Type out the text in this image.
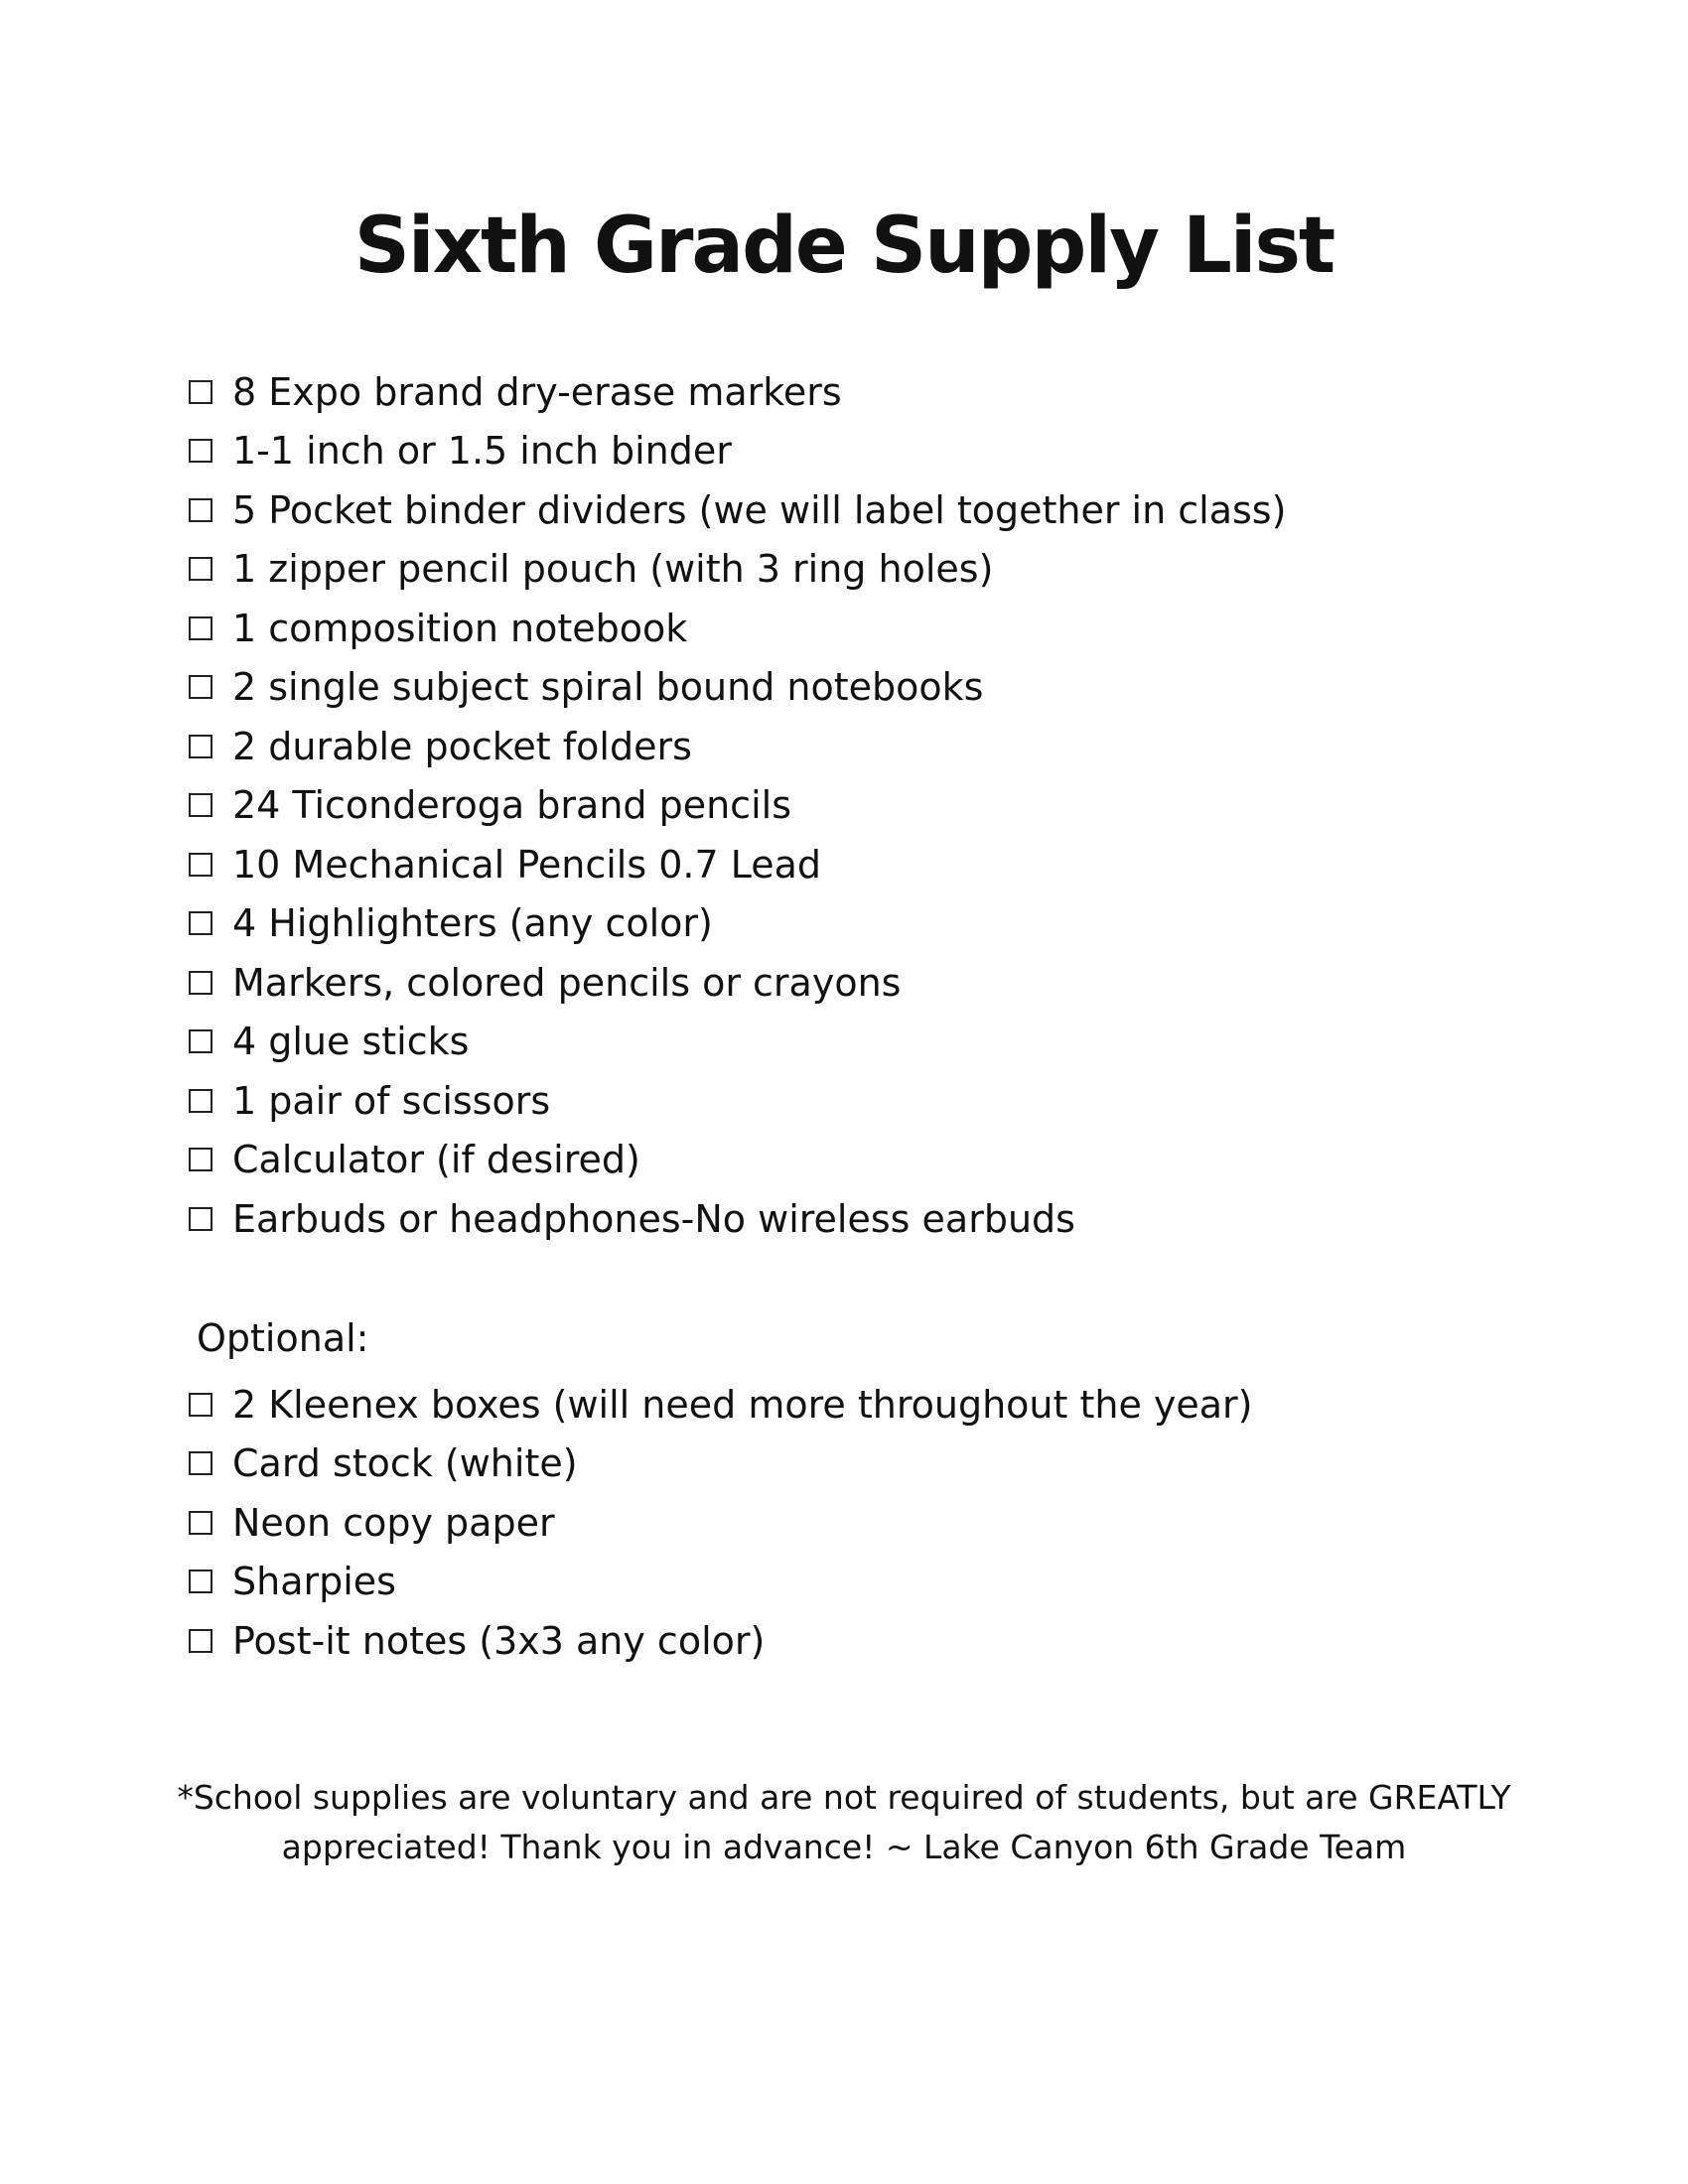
Sixth Grade Supply List
8 Expo brand dry-erase markers
1-1 inch or 1.5 inch binder
5 Pocket binder dividers (we will label together in class)
1 zipper pencil pouch (with 3 ring holes)
1 composition notebook
2 single subject spiral bound notebooks
2 durable pocket folders
24 Ticonderoga brand pencils
10 Mechanical Pencils 0.7 Lead
4 Highlighters (any color)
Markers, colored pencils or crayons
4 glue sticks
1 pair of scissors
Calculator (if desired)
Earbuds or headphones-No wireless earbuds
Optional:
2 Kleenex boxes (will need more throughout the year)
Card stock (white)
Neon copy paper
Sharpies
Post-it notes (3x3 any color)

*School supplies are voluntary and are not required of students, but are GREATLY
appreciated! Thank you in advance! ~ Lake Canyon 6th Grade Team
